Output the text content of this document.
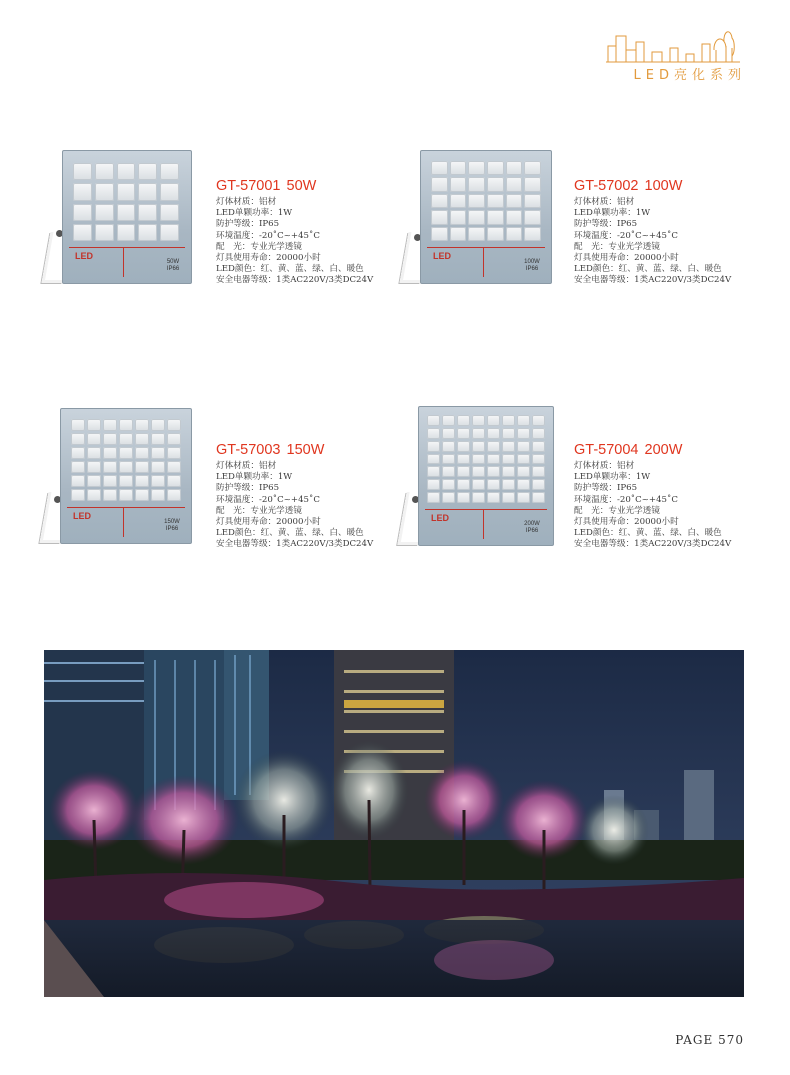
LED亮化系列
LED
50W
IP66
GT-57001 50W
灯体材质：铝材
LED单颗功率：1W
防护等级：IP65
环境温度：-20˚C~+45˚C
配　光：专业光学透镜
灯具使用寿命：20000小时
LED颜色：红、黄、蓝、绿、白、暖色
安全电器等级：1类AC220V/3类DC24V
LED
100W
IP66
GT-57002 100W
灯体材质：铝材
LED单颗功率：1W
防护等级：IP65
环境温度：-20˚C~+45˚C
配　光：专业光学透镜
灯具使用寿命：20000小时
LED颜色：红、黄、蓝、绿、白、暖色
安全电器等级：1类AC220V/3类DC24V
LED
150W
IP66
GT-57003 150W
灯体材质：铝材
LED单颗功率：1W
防护等级：IP65
环境温度：-20˚C~+45˚C
配　光：专业光学透镜
灯具使用寿命：20000小时
LED颜色：红、黄、蓝、绿、白、暖色
安全电器等级：1类AC220V/3类DC24V
LED
200W
IP66
GT-57004 200W
灯体材质：铝材
LED单颗功率：1W
防护等级：IP65
环境温度：-20˚C~+45˚C
配　光：专业光学透镜
灯具使用寿命：20000小时
LED颜色：红、黄、蓝、绿、白、暖色
安全电器等级：1类AC220V/3类DC24V
PAGE 570
